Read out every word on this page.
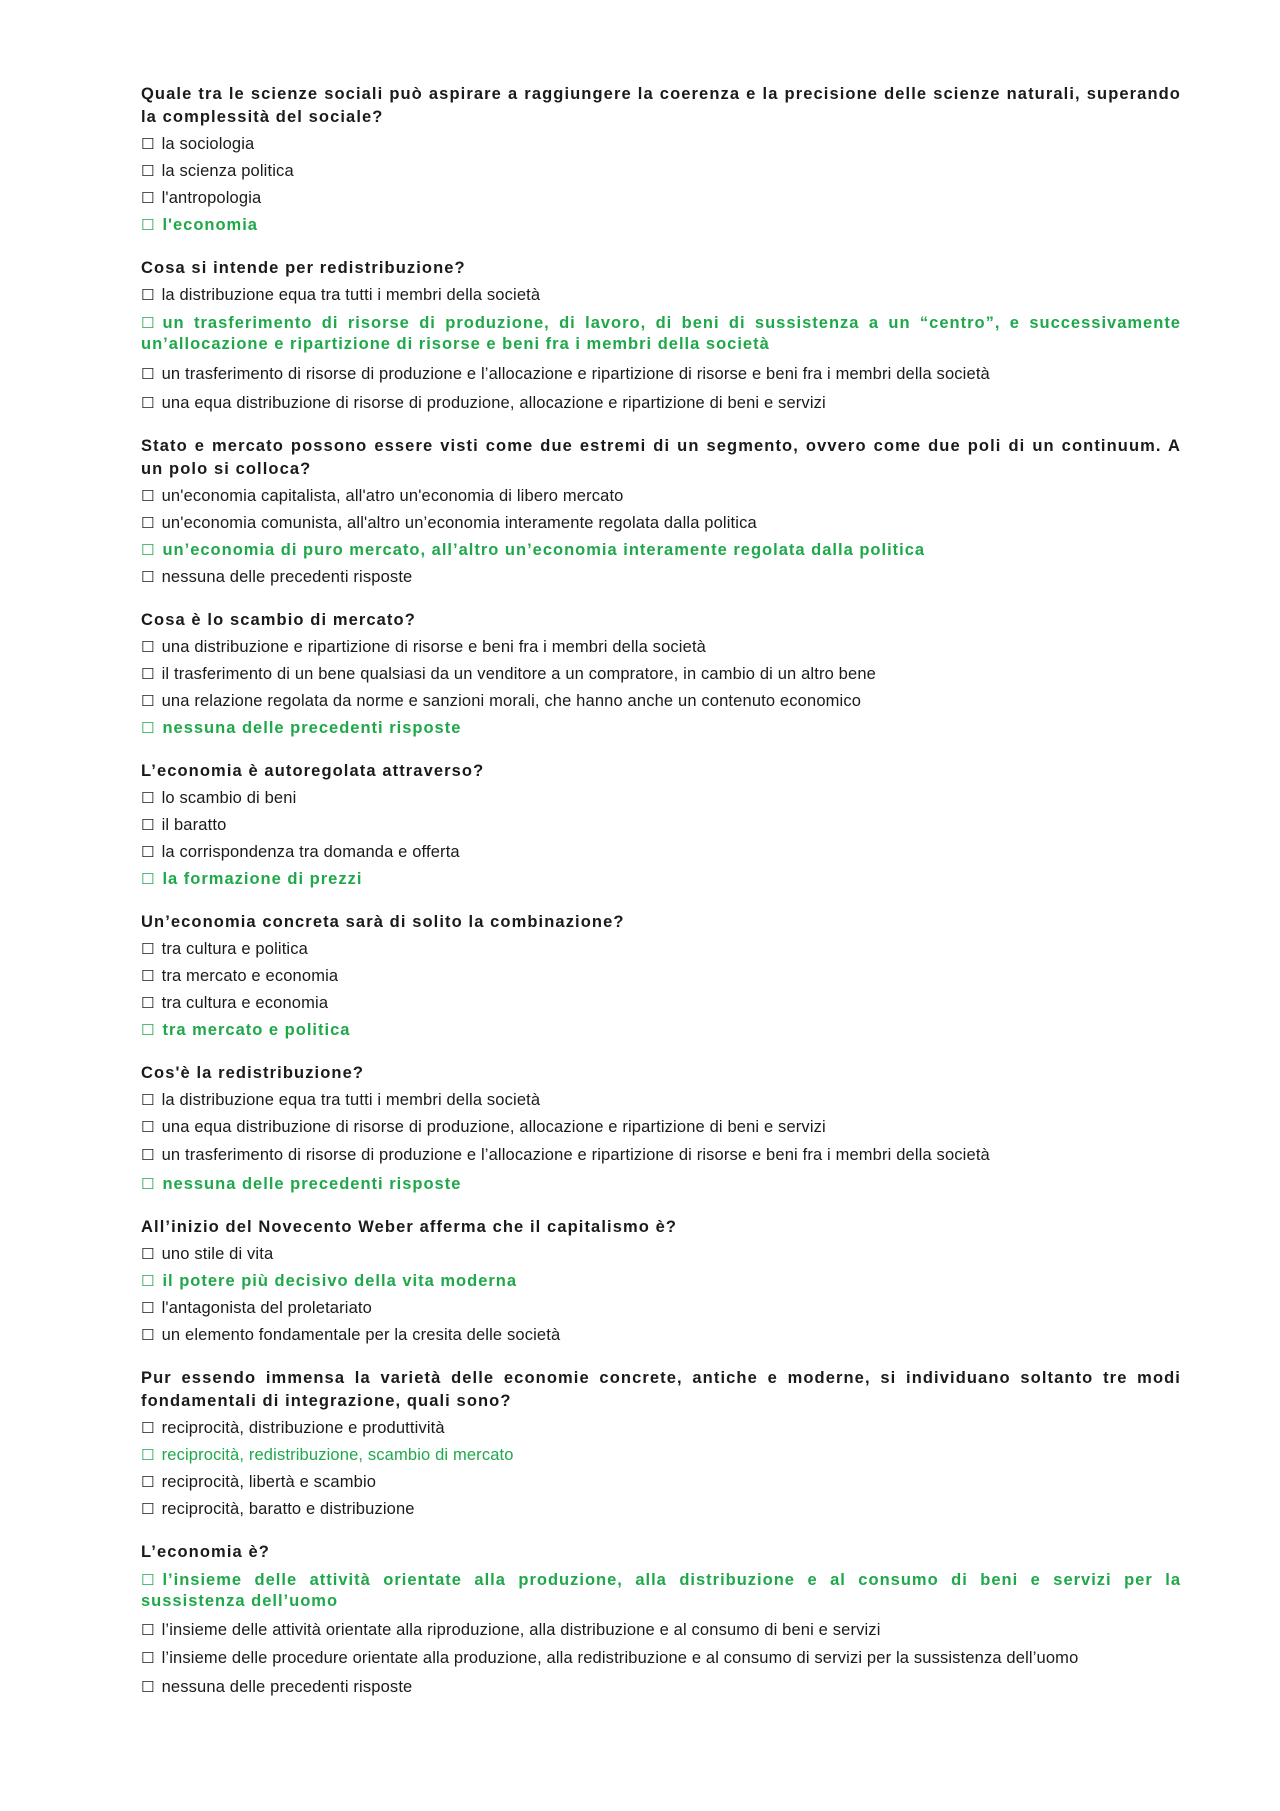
Quale tra le scienze sociali può aspirare a raggiungere la coerenza e la precisione delle scienze naturali, superando la complessità del sociale?
☐ la sociologia
☐ la scienza politica
☐ l'antropologia
☐ l'economia
Cosa si intende per redistribuzione?
☐ la distribuzione equa tra tutti i membri della società
☐ un trasferimento di risorse di produzione, di lavoro, di beni di sussistenza a un “centro”, e successivamente un’allocazione e ripartizione di risorse e beni fra i membri della società
☐ un trasferimento di risorse di produzione e l’allocazione e ripartizione di risorse e beni fra i membri della società
☐ una equa distribuzione di risorse di produzione, allocazione e ripartizione di beni e servizi
Stato e mercato possono essere visti come due estremi di un segmento, ovvero come due poli di un continuum. A un polo si colloca?
☐ un'economia capitalista, all'atro un'economia di libero mercato
☐ un'economia comunista, all'altro un’economia interamente regolata dalla politica
☐ un’economia di puro mercato, all’altro un’economia interamente regolata dalla politica
☐ nessuna delle precedenti risposte
Cosa è lo scambio di mercato?
☐ una distribuzione e ripartizione di risorse e beni fra i membri della società
☐ il trasferimento di un bene qualsiasi da un venditore a un compratore, in cambio di un altro bene
☐ una relazione regolata da norme e sanzioni morali, che hanno anche un contenuto economico
☐ nessuna delle precedenti risposte
L’economia è autoregolata attraverso?
☐ lo scambio di beni
☐ il baratto
☐ la corrispondenza tra domanda e offerta
☐ la formazione di prezzi
Un’economia concreta sarà di solito la combinazione?
☐ tra cultura e politica
☐ tra mercato e economia
☐ tra cultura e economia
☐ tra mercato e politica
Cos'è la redistribuzione?
☐ la distribuzione equa tra tutti i membri della società
☐ una equa distribuzione di risorse di produzione, allocazione e ripartizione di beni e servizi
☐ un trasferimento di risorse di produzione e l’allocazione e ripartizione di risorse e beni fra i membri della società
☐ nessuna delle precedenti risposte
All’inizio del Novecento Weber afferma che il capitalismo è?
☐ uno stile di vita
☐ il potere più decisivo della vita moderna
☐ l'antagonista del proletariato
☐ un elemento fondamentale per la cresita delle società
Pur essendo immensa la varietà delle economie concrete, antiche e moderne, si individuano soltanto tre modi fondamentali di integrazione, quali sono?
☐ reciprocità, distribuzione e produttività
☐ reciprocità, redistribuzione, scambio di mercato
☐ reciprocità, libertà e scambio
☐ reciprocità, baratto e distribuzione
L’economia è?
☐ l’insieme delle attività orientate alla produzione, alla distribuzione e al consumo di beni e servizi per la sussistenza dell’uomo
☐ l’insieme delle attività orientate alla riproduzione, alla distribuzione e al consumo di beni e servizi
☐ l’insieme delle procedure orientate alla produzione, alla redistribuzione e al consumo di servizi per la sussistenza dell’uomo
☐ nessuna delle precedenti risposte
